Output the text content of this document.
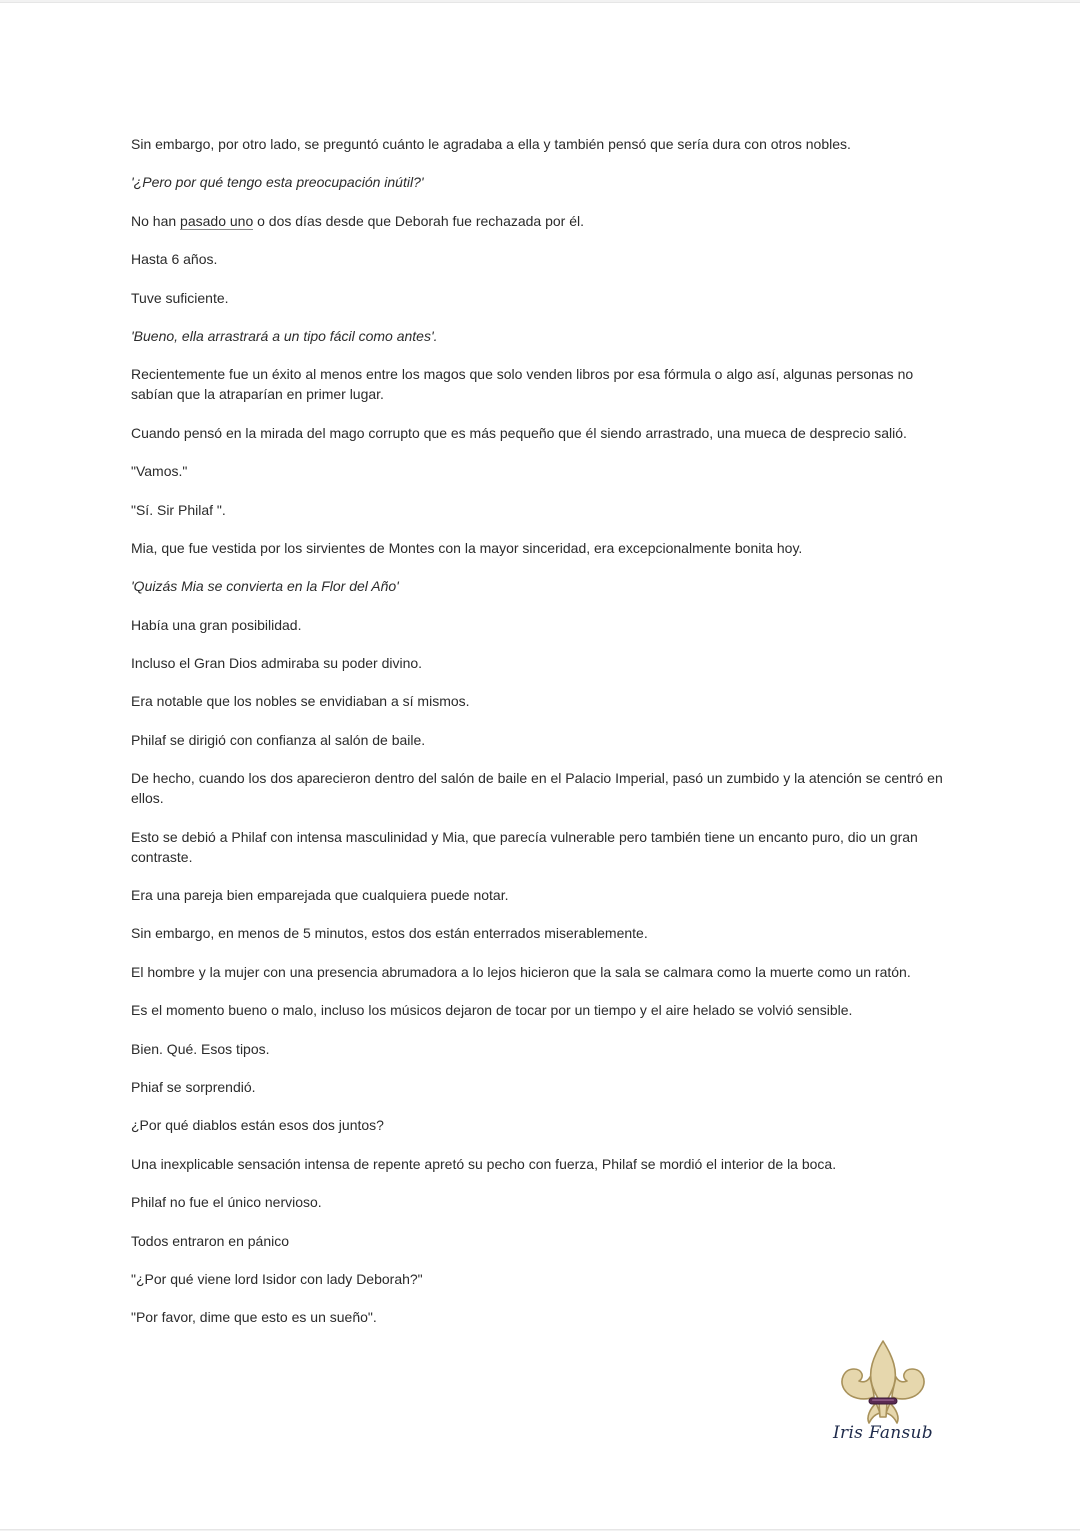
Sin embargo, por otro lado, se preguntó cuánto le agradaba a ella y también pensó que sería dura con otros nobles.

'¿Pero por qué tengo esta preocupación inútil?'

No han pasado uno o dos días desde que Deborah fue rechazada por él.

Hasta 6 años.

Tuve suficiente.

'Bueno, ella arrastrará a un tipo fácil como antes'.

Recientemente fue un éxito al menos entre los magos que solo venden libros por esa fórmula o algo así, algunas personas no sabían que la atraparían en primer lugar.

Cuando pensó en la mirada del mago corrupto que es más pequeño que él siendo arrastrado, una mueca de desprecio salió.

"Vamos."

"Sí. Sir Philaf ".

Mia, que fue vestida por los sirvientes de Montes con la mayor sinceridad, era excepcionalmente bonita hoy.

'Quizás Mia se convierta en la Flor del Año'

Había una gran posibilidad.

Incluso el Gran Dios admiraba su poder divino.

Era notable que los nobles se envidiaban a sí mismos.

Philaf se dirigió con confianza al salón de baile.

De hecho, cuando los dos aparecieron dentro del salón de baile en el Palacio Imperial, pasó un zumbido y la atención se centró en ellos.

Esto se debió a Philaf con intensa masculinidad y Mia, que parecía vulnerable pero también tiene un encanto puro, dio un gran contraste.

Era una pareja bien emparejada que cualquiera puede notar.

Sin embargo, en menos de 5 minutos, estos dos están enterrados miserablemente.

El hombre y la mujer con una presencia abrumadora a lo lejos hicieron que la sala se calmara como la muerte como un ratón.

Es el momento bueno o malo, incluso los músicos dejaron de tocar por un tiempo y el aire helado se volvió sensible.

Bien. Qué. Esos tipos.

Phiaf se sorprendió.

¿Por qué diablos están esos dos juntos?

Una inexplicable sensación intensa de repente apretó su pecho con fuerza, Philaf se mordió el interior de la boca.

Philaf no fue el único nervioso.

Todos entraron en pánico

"¿Por qué viene lord Isidor con lady Deborah?"

"Por favor, dime que esto es un sueño".

Iris Fansub
